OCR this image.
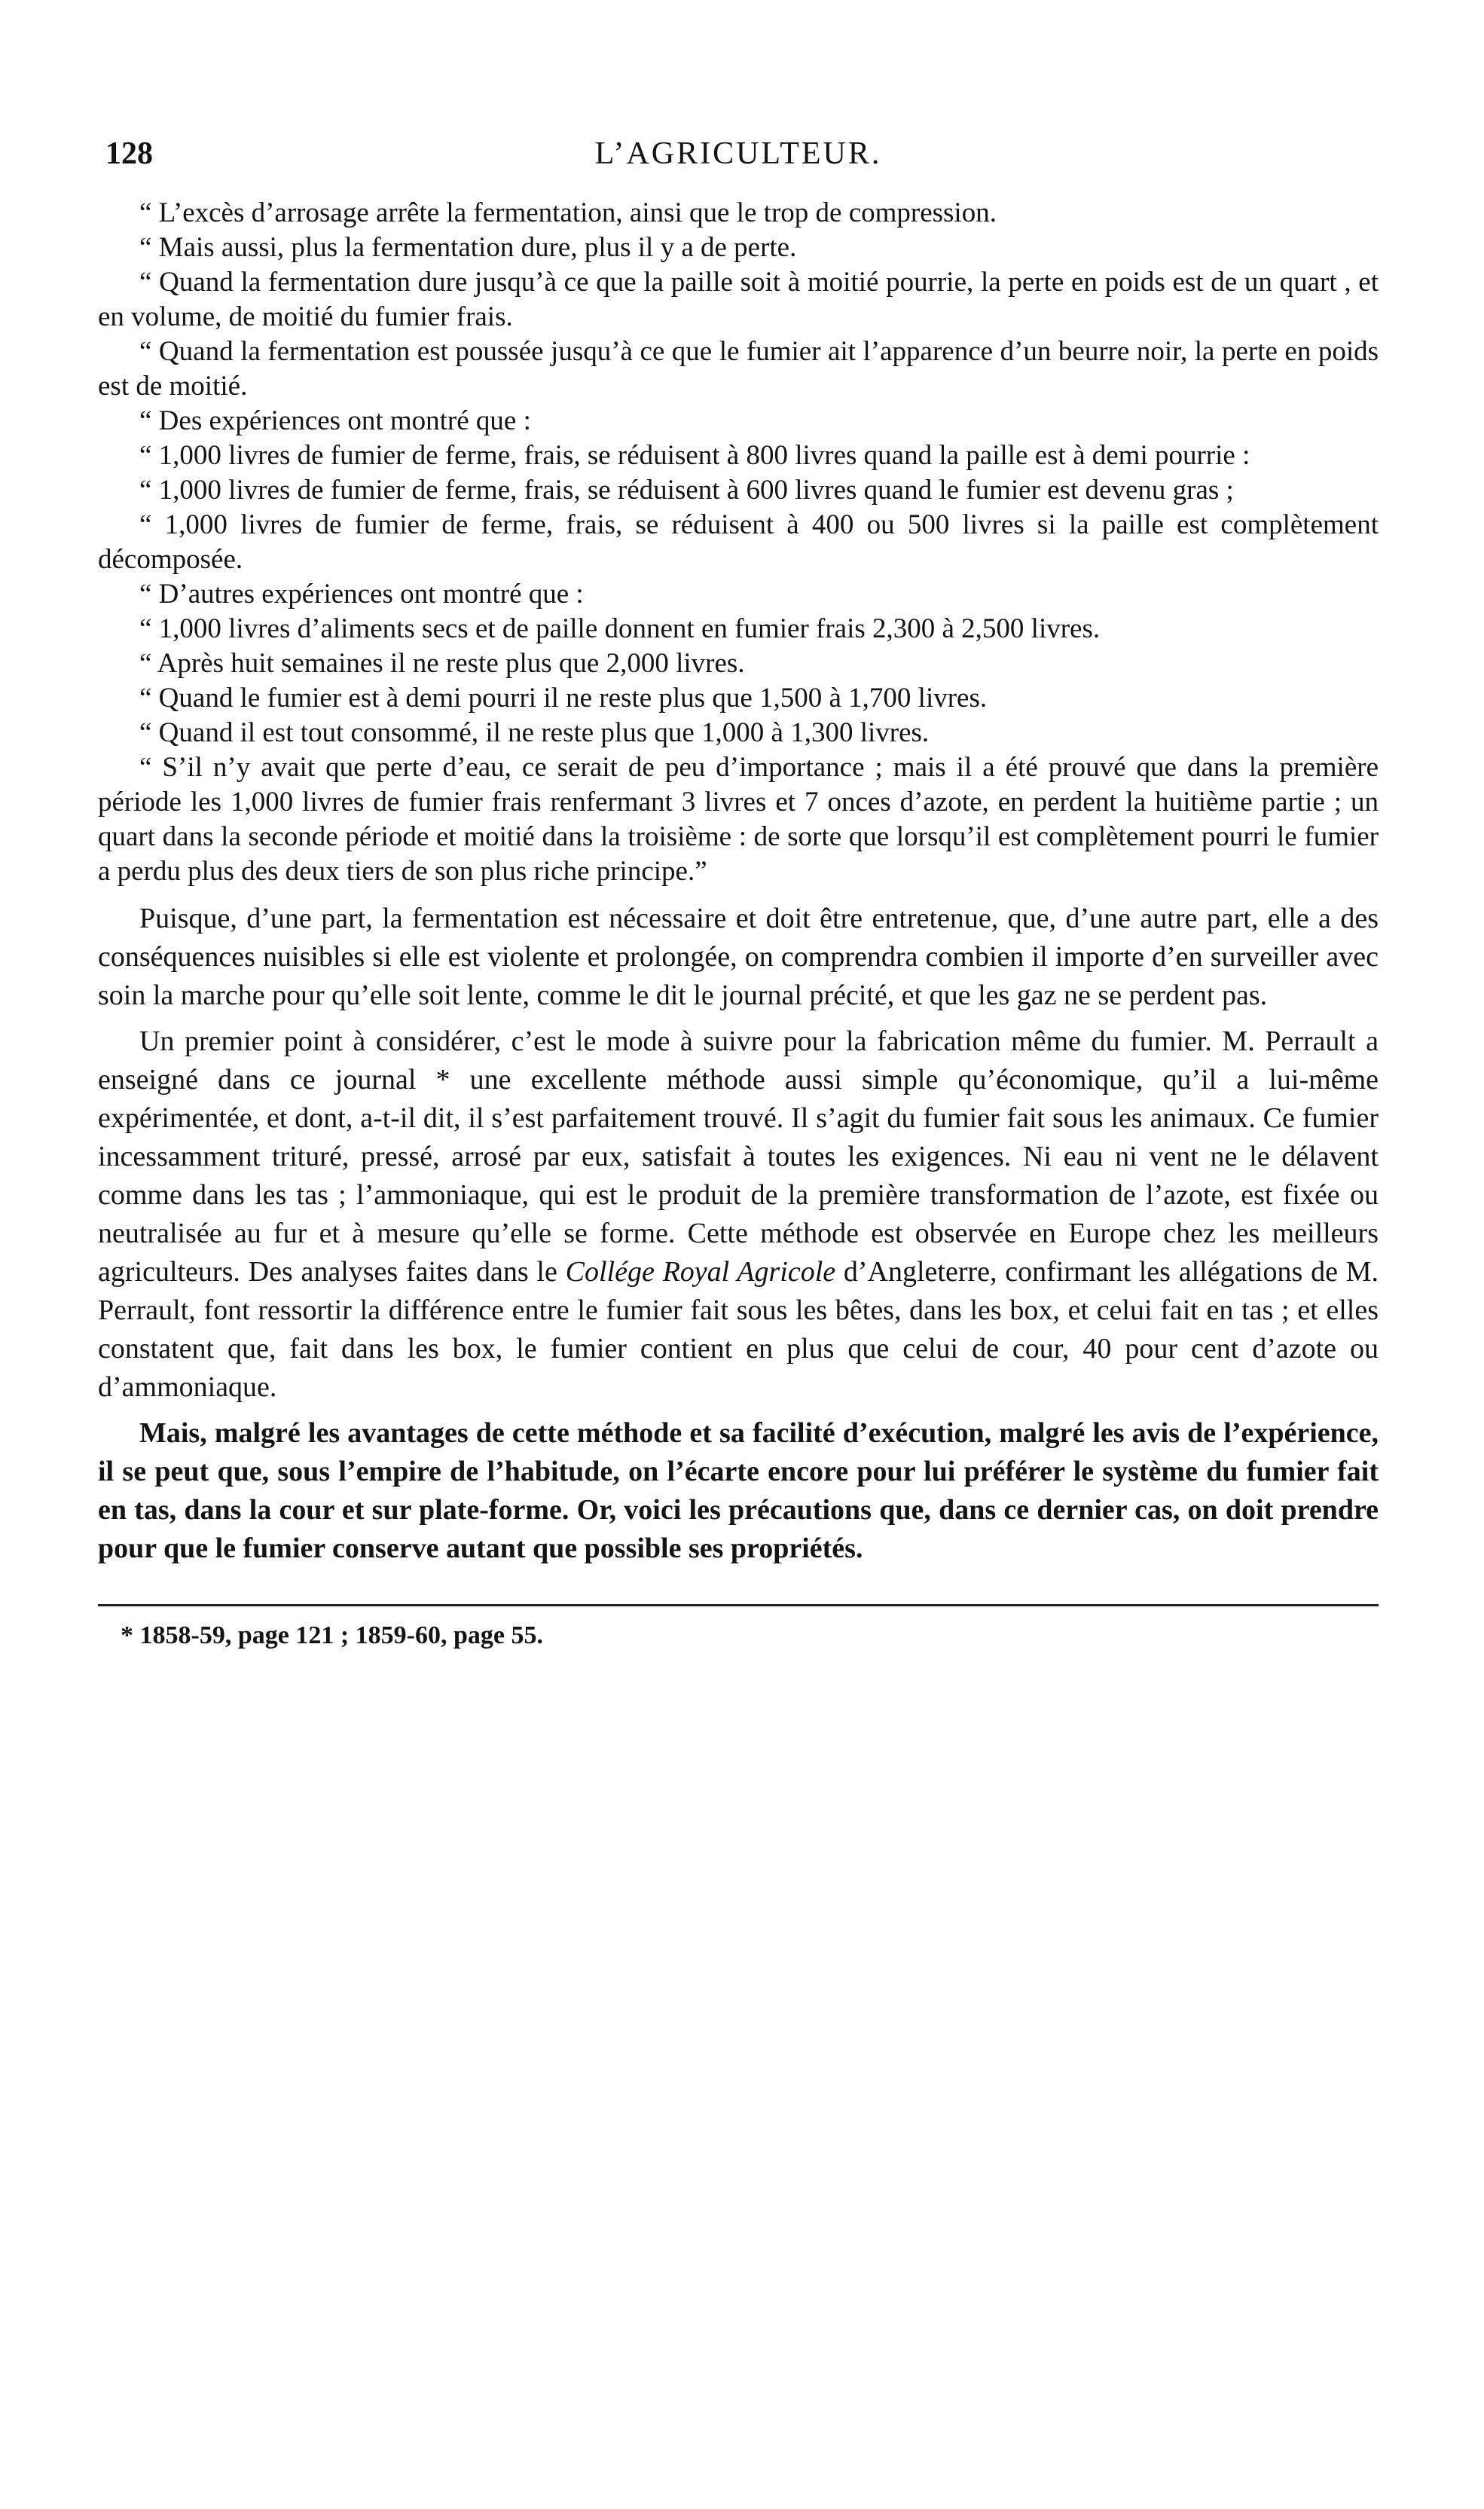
128	L’AGRICULTEUR.

“ L’excès d’arrosage arrête la fermentation, ainsi que le trop de compression.

“ Mais aussi, plus la fermentation dure, plus il y a de perte.

“ Quand la fermentation dure jusqu’à ce que la paille soit à moitié pourrie, la perte en poids est de un quart , et en volume, de moitié du fumier frais.

“ Quand la fermentation est poussée jusqu’à ce que le fumier ait l’apparence d’un beurre noir, la perte en poids est de moitié.

“ Des expériences ont montré que :

“ 1,000 livres de fumier de ferme, frais, se réduisent à 800 livres quand la paille est à demi pourrie :

“ 1,000 livres de fumier de ferme, frais, se réduisent à 600 livres quand le fumier est devenu gras ;

“ 1,000 livres de fumier de ferme, frais, se réduisent à 400 ou 500 livres si la paille est complètement décomposée.

“ D’autres expériences ont montré que :

“ 1,000 livres d’aliments secs et de paille donnent en fumier frais 2,300 à 2,500 livres.

“ Après huit semaines il ne reste plus que 2,000 livres.

“ Quand le fumier est à demi pourri il ne reste plus que 1,500 à 1,700 livres.

“ Quand il est tout consommé, il ne reste plus que 1,000 à 1,300 livres.

“ S’il n’y avait que perte d’eau, ce serait de peu d’importance ; mais il a été prouvé que dans la première période les 1,000 livres de fumier frais renfermant 3 livres et 7 onces d’azote, en perdent la huitième partie ; un quart dans la seconde période et moitié dans la troisième : de sorte que lorsqu’il est complètement pourri le fumier a perdu plus des deux tiers de son plus riche principe.”

Puisque, d’une part, la fermentation est nécessaire et doit être entretenue, que, d’une autre part, elle a des conséquences nuisibles si elle est violente et prolongée, on comprendra combien il importe d’en surveiller avec soin la marche pour qu’elle soit lente, comme le dit le journal précité, et que les gaz ne se perdent pas.

Un premier point à considérer, c’est le mode à suivre pour la fabrication même du fumier. M. Perrault a enseigné dans ce journal * une excellente méthode aussi simple qu’économique, qu’il a lui-même expérimentée, et dont, a-t-il dit, il s’est parfaitement trouvé. Il s’agit du fumier fait sous les animaux. Ce fumier incessamment trituré, pressé, arrosé par eux, satisfait à toutes les exigences. Ni eau ni vent ne le délavent comme dans les tas ; l’ammoniaque, qui est le produit de la première transformation de l’azote, est fixée ou neutralisée au fur et à mesure qu’elle se forme. Cette méthode est observée en Europe chez les meilleurs agriculteurs. Des analyses faites dans le Collége Royal Agricole d’Angleterre, confirmant les allégations de M. Perrault, font ressortir la différence entre le fumier fait sous les bêtes, dans les box, et celui fait en tas ; et elles constatent que, fait dans les box, le fumier contient en plus que celui de cour, 40 pour cent d’azote ou d’ammoniaque.

Mais, malgré les avantages de cette méthode et sa facilité d’exécution, malgré les avis de l’expérience, il se peut que, sous l’empire de l’habitude, on l’écarte encore pour lui préférer le système du fumier fait en tas, dans la cour et sur plate-forme. Or, voici les précautions que, dans ce dernier cas, on doit prendre pour que le fumier conserve autant que possible ses propriétés.

* 1858-59, page 121 ; 1859-60, page 55.
